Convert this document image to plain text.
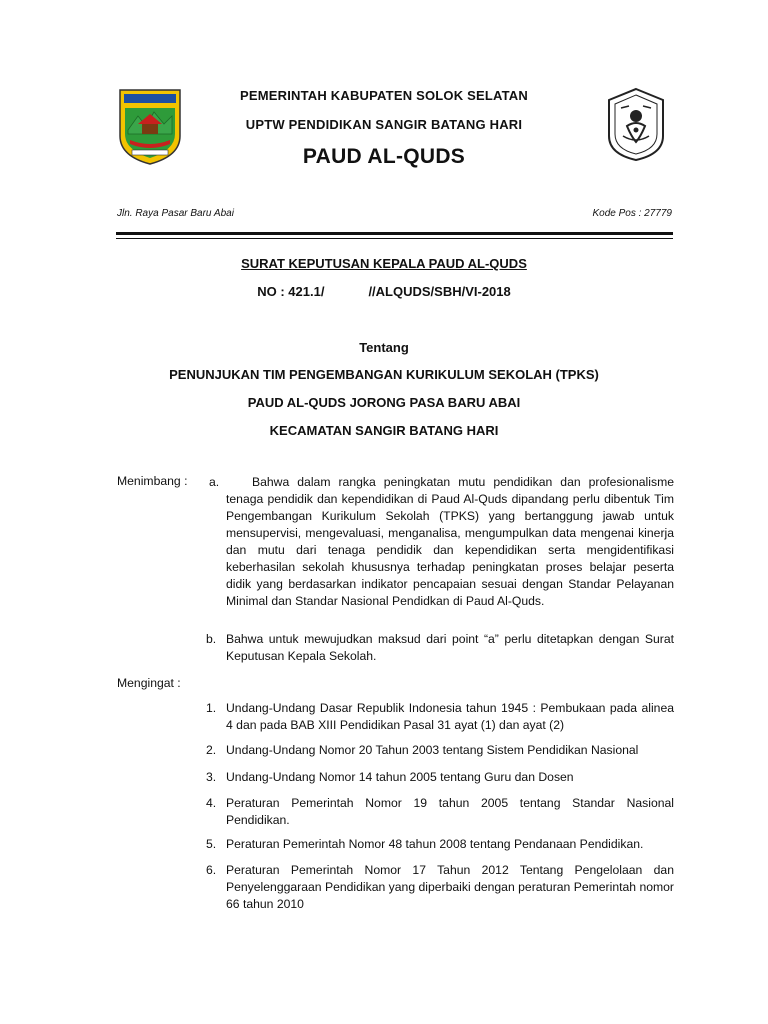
PEMERINTAH KABUPATEN SOLOK SELATAN
UPTW PENDIDIKAN SANGIR BATANG HARI
PAUD AL-QUDS
Jln. Raya Pasar Baru Abai	Kode Pos : 27779
SURAT KEPUTUSAN KEPALA PAUD AL-QUDS
NO : 421.1/	//ALQUDS/SBH/VI-2018
Tentang
PENUNJUKAN TIM PENGEMBANGAN KURIKULUM SEKOLAH (TPKS)
PAUD AL-QUDS JORONG PASA BARU ABAI
KECAMATAN SANGIR BATANG HARI
Menimbang : a.	Bahwa dalam rangka peningkatan mutu pendidikan dan profesionalisme tenaga pendidik dan kependidikan di Paud Al-Quds dipandang perlu dibentuk Tim Pengembangan Kurikulum Sekolah (TPKS) yang bertanggung jawab untuk mensupervisi, mengevaluasi, menganalisa, mengumpulkan data mengenai kinerja dan mutu dari tenaga pendidik dan kependidikan serta mengidentifikasi keberhasilan sekolah khususnya terhadap peningkatan proses belajar peserta didik yang berdasarkan indikator pencapaian sesuai dengan Standar Pelayanan Minimal dan Standar Nasional Pendidkan di Paud Al-Quds.
b. Bahwa untuk mewujudkan maksud dari point “a” perlu ditetapkan dengan Surat Keputusan Kepala Sekolah.
Mengingat :
1. Undang-Undang Dasar Republik Indonesia tahun 1945 : Pembukaan pada alinea 4 dan pada BAB XIII Pendidikan Pasal 31 ayat (1) dan ayat (2)
2. Undang-Undang Nomor 20 Tahun 2003 tentang Sistem Pendidikan Nasional
3. Undang-Undang Nomor 14 tahun 2005 tentang Guru dan Dosen
4. Peraturan Pemerintah Nomor 19 tahun 2005 tentang Standar Nasional Pendidikan.
5. Peraturan Pemerintah Nomor 48 tahun 2008 tentang Pendanaan Pendidikan.
6. Peraturan Pemerintah Nomor 17 Tahun 2012 Tentang Pengelolaan dan Penyelenggaraan Pendidikan yang diperbaiki dengan peraturan Pemerintah nomor 66 tahun 2010
